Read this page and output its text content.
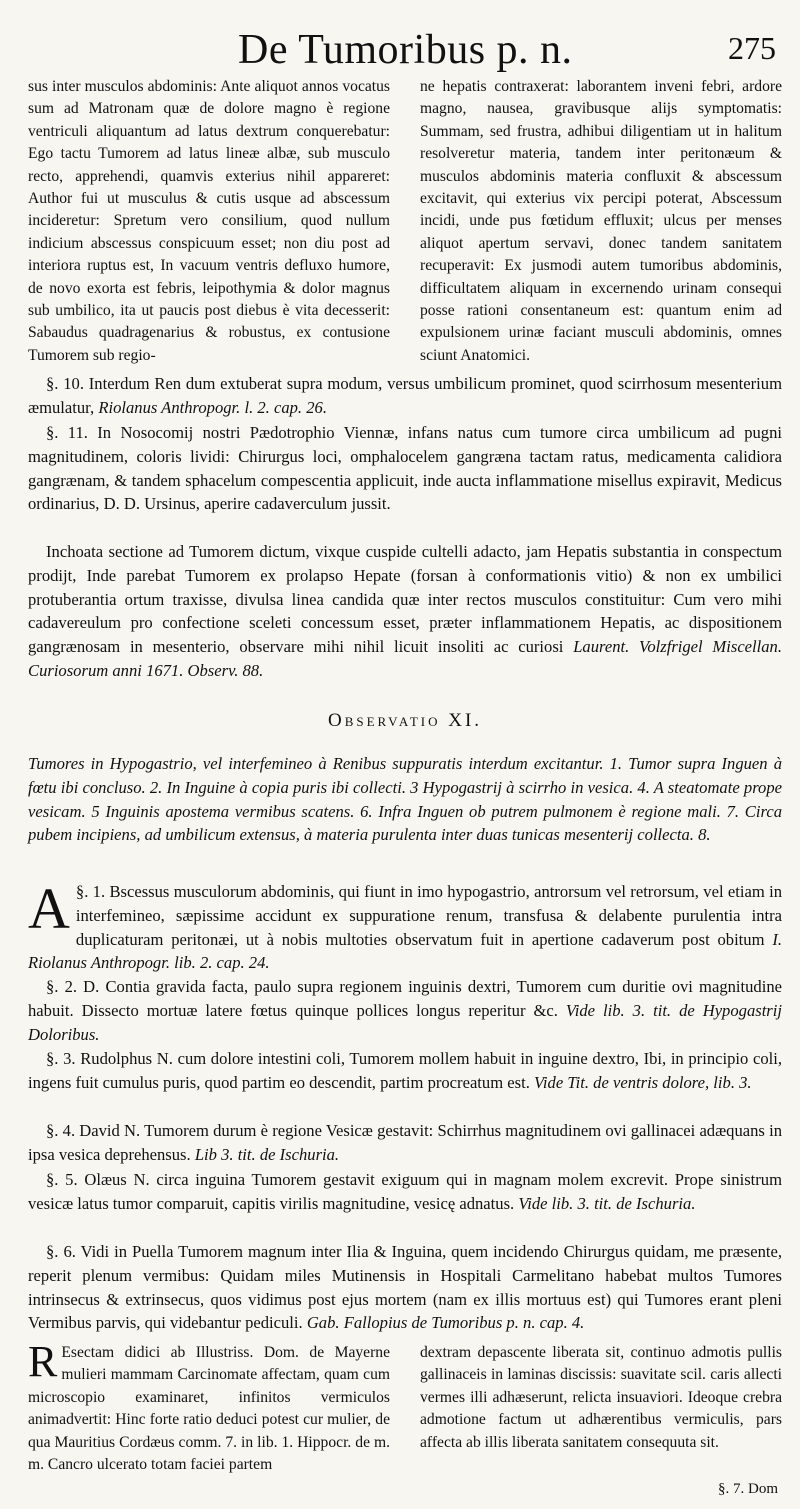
De Tumoribus p. n.	275

sus inter musculos abdominis: Ante aliquot annos vocatus sum ad Matronam quæ de dolore magno è regione ventriculi aliquantum ad latus dextrum conquerebatur: Ego tactu Tumorem ad latus lineæ albæ, sub musculo recto, apprehendi, quamvis exterius nihil appareret: Author fui ut musculus & cutis usque ad abscessum incideretur: Spretum vero consilium, quod nullum indicium abscessus conspicuum esset; non diu post ad interiora ruptus est, In vacuum ventris defluxo humore, de novo exorta est febris, leipothymia & dolor magnus sub umbilico, ita ut paucis post diebus è vita decesserit: Sabaudus quadragenarius & robustus, ex contusione Tumorem sub regio-

ne hepatis contraxerat: laborantem inveni febri, ardore magno, nausea, gravibusque alijs symptomatis: Summam, sed frustra, adhibui diligentiam ut in halitum resolveretur materia, tandem inter peritonæum & musculos abdominis materia confluxit & abscessum excitavit, qui exterius vix percipi poterat, Abscessum incidi, unde pus fœtidum effluxit; ulcus per menses aliquot apertum servavi, donec tandem sanitatem recuperavit: Ex jusmodi autem tumoribus abdominis, difficultatem aliquam in excernendo urinam consequi posse rationi consentaneum est: quantum enim ad expulsionem urinæ faciant musculi abdominis, omnes sciunt Anatomici.

§. 10. Interdum Ren dum extuberat supra modum, versus umbilicum prominet, quod scirrhosum mesenterium æmulatur, Riolanus Anthropogr. l. 2. cap. 26.

§. 11. In Nosocomij nostri Pædotrophio Viennæ, infans natus cum tumore circa umbilicum ad pugni magnitudinem, coloris lividi: Chirurgus loci, omphalocelem gangræna tactam ratus, medicamenta calidiora gangrænam, & tandem sphacelum compescentia applicuit, inde aucta inflammatione misellus expiravit, Medicus ordinarius, D. D. Ursinus, aperire cadaverculum jussit.

Inchoata sectione ad Tumorem dictum, vixque cuspide cultelli adacto, jam Hepatis substantia in conspectum prodijt, Inde parebat Tumorem ex prolapso Hepate (forsan à conformationis vitio) & non ex umbilici protuberantia ortum traxisse, divulsa linea candida quæ inter rectos musculos constituitur: Cum vero mihi cadavereulum pro confectione sceleti concessum esset, præter inflammationem Hepatis, ac dispositionem gangrænosam in mesenterio, observare mihi nihil licuit insoliti ac curiosi Laurent. Volzfrigel Miscellan. Curiosorum anni 1671. Observ. 88.

Observatio XI.

Tumores in Hypogastrio, vel interfemineo à Renibus suppuratis interdum excitantur. 1. Tumor supra Inguen à fœtu ibi concluso. 2. In Inguine à copia puris ibi collecti. 3 Hypogastrij à scirrho in vesica. 4. A steatomate prope vesicam. 5 Inguinis apostema vermibus scatens. 6. Infra Inguen ob putrem pulmonem è regione mali. 7. Circa pubem incipiens, ad umbilicum extensus, à materia purulenta inter duas tunicas mesenterij collecta. 8.

§. 1.
A	Bscessus musculorum abdominis, qui fiunt in imo hypogastrio, antrorsum vel retrorsum, vel etiam in interfemineo, sæpissime accidunt ex suppuratione renum, transfusa & delabente purulentia intra duplicaturam peritonæi, ut à nobis multoties observatum fuit in apertione cadaverum post obitum I. Riolanus Anthropogr. lib. 2. cap. 24.

§. 2. D. Contia gravida facta, paulo supra regionem inguinis dextri, Tumorem cum duritie ovi magnitudine habuit. Dissecto mortuæ latere fœtus quinque pollices longus reperitur &c. Vide lib. 3. tit. de Hypogastrij Doloribus.

§. 3. Rudolphus N. cum dolore intestini coli, Tumorem mollem habuit in inguine dextro, Ibi, in principio coli, ingens fuit cumulus puris, quod partim eo descendit, partim procreatum est. Vide Tit. de ventris dolore, lib. 3.

§. 4. David N. Tumorem durum è regione Vesicæ gestavit: Schirrhus magnitudinem ovi gallinacei adæquans in ipsa vesica deprehensus. Lib 3. tit. de Ischuria.

§. 5. Olæus N. circa inguina Tumorem gestavit exiguum qui in magnam molem excrevit. Prope sinistrum vesicæ latus tumor comparuit, capitis virilis magnitudine, vesicę adnatus. Vide lib. 3. tit. de Ischuria.

§. 6. Vidi in Puella Tumorem magnum inter Ilia & Inguina, quem incidendo Chirurgus quidam, me præsente, reperit plenum vermibus: Quidam miles Mutinensis in Hospitali Carmelitano habebat multos Tumores intrinsecus & extrinsecus, quos vidimus post ejus mortem (nam ex illis mortuus est) qui Tumores erant pleni Vermibus parvis, qui videbantur pediculi. Gab. Fallopius de Tumoribus p. n. cap. 4.

R Esectam didici ab Illustriss. Dom. de Mayerne mulieri mammam Carcinomate affectam, quam cum microscopio examinaret, infinitos vermiculos animadvertit: Hinc forte ratio deduci potest cur mulier, de qua Mauritius Cordæus comm. 7. in lib. 1. Hippocr. de m. m. Cancro ulcerato totam faciei partem

dextram depascente liberata sit, continuo admotis pullis gallinaceis in laminas discissis: suavitate scil. caris allecti vermes illi adhæserunt, relicta insuaviori. Ideoque crebra admotione factum ut adhærentibus vermiculis, pars affecta ab illis liberata sanitatem consequuta sit.

§. 7. Dom
